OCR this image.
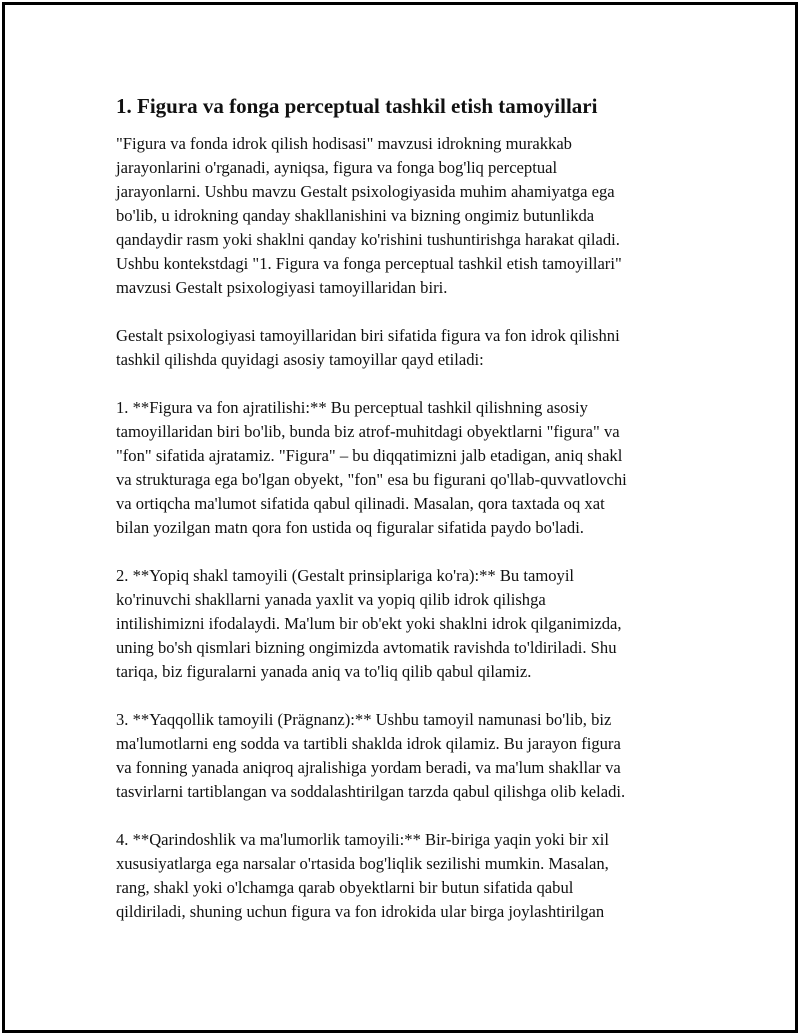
1. Figura va fonga perceptual tashkil etish tamoyillari

"Figura va fonda idrok qilish hodisasi" mavzusi idrokning murakkab
jarayonlarini o'rganadi, ayniqsa, figura va fonga bog'liq perceptual
jarayonlarni. Ushbu mavzu Gestalt psixologiyasida muhim ahamiyatga ega
bo'lib, u idrokning qanday shakllanishini va bizning ongimiz butunlikda
qandaydir rasm yoki shaklni qanday ko'rishini tushuntirishga harakat qiladi.
Ushbu kontekstdagi "1. Figura va fonga perceptual tashkil etish tamoyillari"
mavzusi Gestalt psixologiyasi tamoyillaridan biri.

Gestalt psixologiyasi tamoyillaridan biri sifatida figura va fon idrok qilishni
tashkil qilishda quyidagi asosiy tamoyillar qayd etiladi:

1. **Figura va fon ajratilishi:** Bu perceptual tashkil qilishning asosiy
tamoyillaridan biri bo'lib, bunda biz atrof-muhitdagi obyektlarni "figura" va
"fon" sifatida ajratamiz. "Figura" – bu diqqatimizni jalb etadigan, aniq shakl
va strukturaga ega bo'lgan obyekt, "fon" esa bu figurani qo'llab-quvvatlovchi
va ortiqcha ma'lumot sifatida qabul qilinadi. Masalan, qora taxtada oq xat
bilan yozilgan matn qora fon ustida oq figuralar sifatida paydo bo'ladi.

2. **Yopiq shakl tamoyili (Gestalt prinsiplariga ko'ra):** Bu tamoyil
ko'rinuvchi shakllarni yanada yaxlit va yopiq qilib idrok qilishga
intilishimizni ifodalaydi. Ma'lum bir ob'ekt yoki shaklni idrok qilganimizda,
uning bo'sh qismlari bizning ongimizda avtomatik ravishda to'ldiriladi. Shu
tariqa, biz figuralarni yanada aniq va to'liq qilib qabul qilamiz.

3. **Yaqqollik tamoyili (Prägnanz):** Ushbu tamoyil namunasi bo'lib, biz
ma'lumotlarni eng sodda va tartibli shaklda idrok qilamiz. Bu jarayon figura
va fonning yanada aniqroq ajralishiga yordam beradi, va ma'lum shakllar va
tasvirlarni tartiblangan va soddalashtirilgan tarzda qabul qilishga olib keladi.

4. **Qarindoshlik va ma'lumorlik tamoyili:** Bir-biriga yaqin yoki bir xil
xususiyatlarga ega narsalar o'rtasida bog'liqlik sezilishi mumkin. Masalan,
rang, shakl yoki o'lchamga qarab obyektlarni bir butun sifatida qabul
qildiriladi, shuning uchun figura va fon idrokida ular birga joylashtirilgan
